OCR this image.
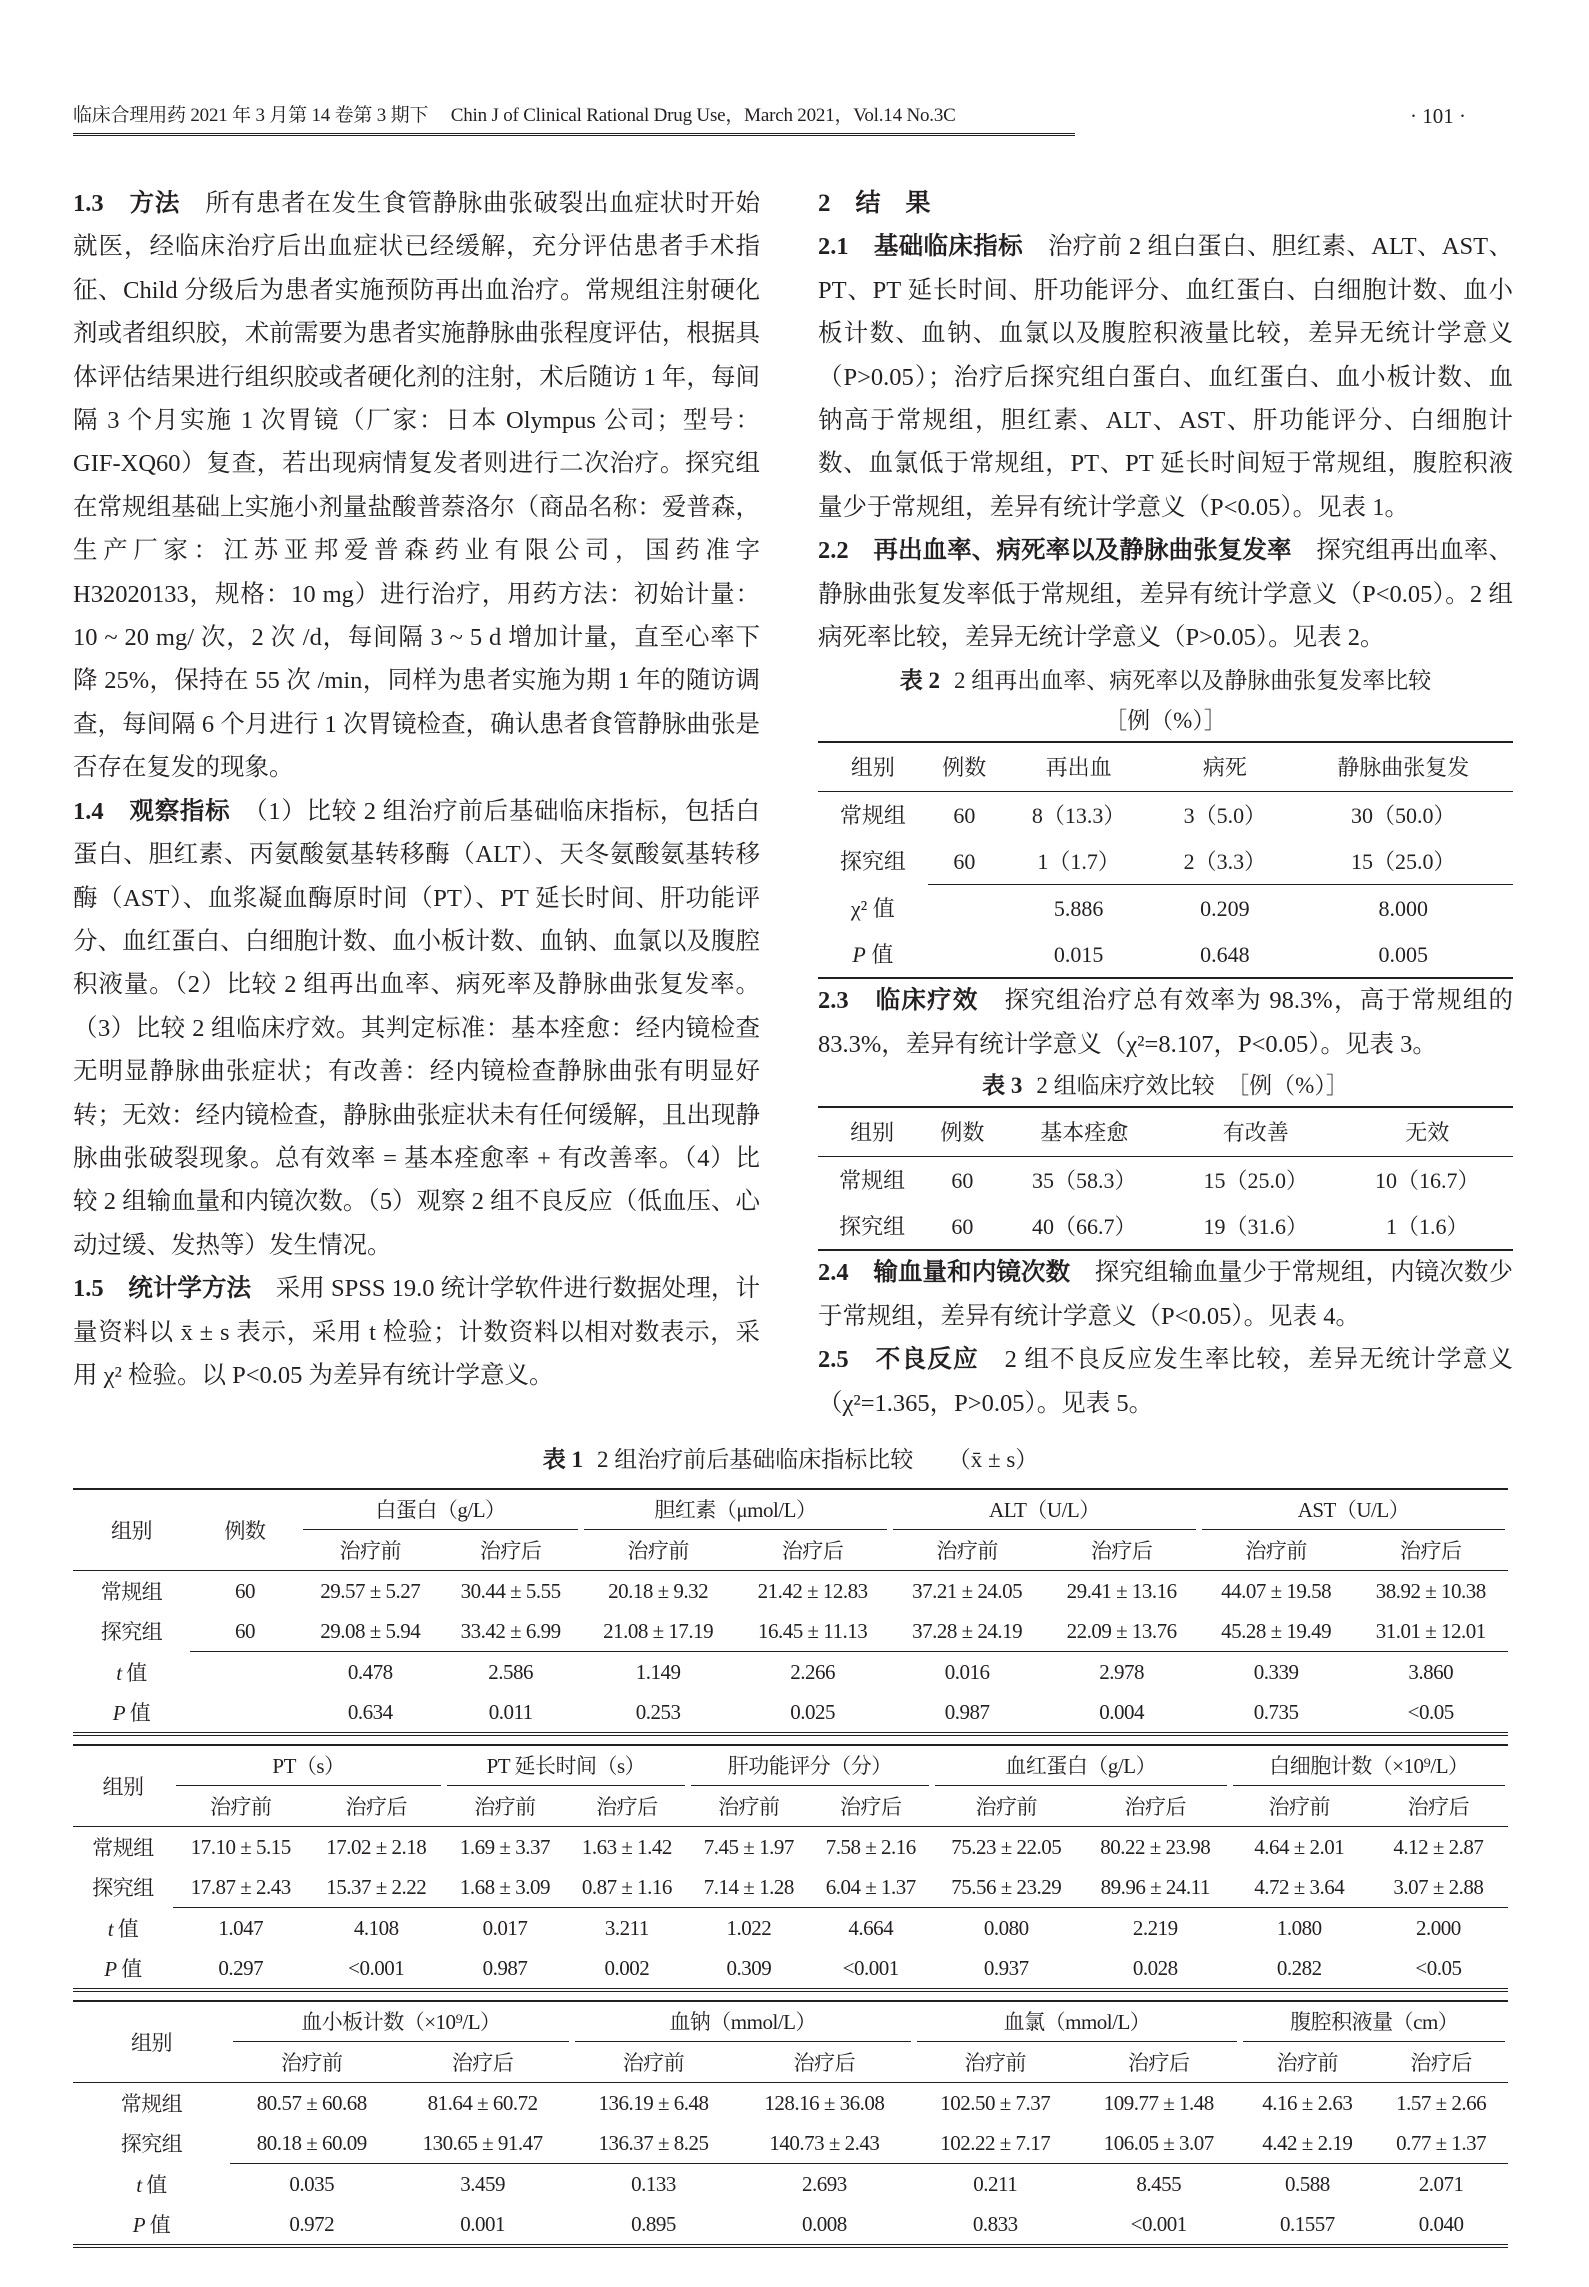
临床合理用药 2021 年 3 月第 14 卷第 3 期下 Chin J of Clinical Rational Drug Use，March 2021，Vol.14 No.3C	· 101 ·

1.3　方法　所有患者在发生食管静脉曲张破裂出血症状时开始就医，经临床治疗后出血症状已经缓解，充分评估患者手术指征、Child 分级后为患者实施预防再出血治疗。常规组注射硬化剂或者组织胶，术前需要为患者实施静脉曲张程度评估，根据具体评估结果进行组织胶或者硬化剂的注射，术后随访 1 年，每间隔 3 个月实施 1 次胃镜（厂家：日本 Olympus 公司；型号：GIF-XQ60）复查，若出现病情复发者则进行二次治疗。探究组在常规组基础上实施小剂量盐酸普萘洛尔（商品名称：爱普森，生产厂家：江苏亚邦爱普森药业有限公司，国药准字 H32020133，规格：10 mg）进行治疗，用药方法：初始计量：10 ~ 20 mg/ 次，2 次 /d，每间隔 3 ~ 5 d 增加计量，直至心率下降 25%，保持在 55 次 /min，同样为患者实施为期 1 年的随访调查，每间隔 6 个月进行 1 次胃镜检查，确认患者食管静脉曲张是否存在复发的现象。

1.4　观察指标　（1）比较 2 组治疗前后基础临床指标，包括白蛋白、胆红素、丙氨酸氨基转移酶（ALT）、天冬氨酸氨基转移酶（AST）、血浆凝血酶原时间（PT）、PT 延长时间、肝功能评分、血红蛋白、白细胞计数、血小板计数、血钠、血氯以及腹腔积液量。（2）比较 2 组再出血率、病死率及静脉曲张复发率。（3）比较 2 组临床疗效。其判定标准：基本痊愈：经内镜检查无明显静脉曲张症状；有改善：经内镜检查静脉曲张有明显好转；无效：经内镜检查，静脉曲张症状未有任何缓解，且出现静脉曲张破裂现象。总有效率 = 基本痊愈率 + 有改善率。（4）比较 2 组输血量和内镜次数。（5）观察 2 组不良反应（低血压、心动过缓、发热等）发生情况。

1.5　统计学方法　采用 SPSS 19.0 统计学软件进行数据处理，计量资料以 x̄ ± s 表示，采用 t 检验；计数资料以相对数表示，采用 χ² 检验。以 P<0.05 为差异有统计学意义。

2　结　果

2.1　基础临床指标　治疗前 2 组白蛋白、胆红素、ALT、AST、PT、PT 延长时间、肝功能评分、血红蛋白、白细胞计数、血小板计数、血钠、血氯以及腹腔积液量比较，差异无统计学意义（P>0.05）；治疗后探究组白蛋白、血红蛋白、血小板计数、血钠高于常规组，胆红素、ALT、AST、肝功能评分、白细胞计数、血氯低于常规组，PT、PT 延长时间短于常规组，腹腔积液量少于常规组，差异有统计学意义（P<0.05）。见表 1。

2.2　再出血率、病死率以及静脉曲张复发率　探究组再出血率、静脉曲张复发率低于常规组，差异有统计学意义（P<0.05）。2 组病死率比较，差异无统计学意义（P>0.05）。见表 2。

表 2 2 组再出血率、病死率以及静脉曲张复发率比较
［例（%）］
组别	例数	再出血	病死	静脉曲张复发
常规组	60	8（13.3）	3（5.0）	30（50.0）
探究组	60	1（1.7）	2（3.3）	15（25.0）
χ² 值		5.886	0.209	8.000
P 值		0.015	0.648	0.005

2.3　临床疗效　探究组治疗总有效率为 98.3%，高于常规组的 83.3%，差异有统计学意义（χ²=8.107，P<0.05）。见表 3。

表 3 2 组临床疗效比较　 ［例（%）］
组别	例数	基本痊愈	有改善	无效
常规组	60	35（58.3）	15（25.0）	10（16.7）
探究组	60	40（66.7）	19（31.6）	1（1.6）

2.4　输血量和内镜次数　探究组输血量少于常规组，内镜次数少于常规组，差异有统计学意义（P<0.05）。见表 4。

2.5　不良反应　2 组不良反应发生率比较，差异无统计学意义（χ²=1.365，P>0.05）。见表 5。

表 1 2 组治疗前后基础临床指标比较　　 （x̄ ± s）
组别	例数	白蛋白（g/L）		胆红素（μmol/L）		ALT（U/L）		AST（U/L）	

		治疗前	治疗后	治疗前	治疗后	治疗前	治疗后	治疗前	治疗后
常规组	60	29.57 ± 5.27	30.44 ± 5.55	20.18 ± 9.32	21.42 ± 12.83	37.21 ± 24.05	29.41 ± 13.16	44.07 ± 19.58	38.92 ± 10.38
探究组	60	29.08 ± 5.94	33.42 ± 6.99	21.08 ± 17.19	16.45 ± 11.13	37.28 ± 24.19	22.09 ± 13.76	45.28 ± 19.49	31.01 ± 12.01
t 值		0.478	2.586	1.149	2.266	0.016	2.978	0.339	3.860
P 值		0.634	0.011	0.253	0.025	0.987	0.004	0.735	<0.05
组别	PT（s）		PT 延长时间（s）		肝功能评分（分）		血红蛋白（g/L）		白细胞计数（×10⁹/L）	

	治疗前	治疗后	治疗前	治疗后	治疗前	治疗后	治疗前	治疗后	治疗前	治疗后
常规组	17.10 ± 5.15	17.02 ± 2.18	1.69 ± 3.37	1.63 ± 1.42	7.45 ± 1.97	7.58 ± 2.16	75.23 ± 22.05	80.22 ± 23.98	4.64 ± 2.01	4.12 ± 2.87
探究组	17.87 ± 2.43	15.37 ± 2.22	1.68 ± 3.09	0.87 ± 1.16	7.14 ± 1.28	6.04 ± 1.37	75.56 ± 23.29	89.96 ± 24.11	4.72 ± 3.64	3.07 ± 2.88
t 值	1.047	4.108	0.017	3.211	1.022	4.664	0.080	2.219	1.080	2.000
P 值	0.297	<0.001	0.987	0.002	0.309	<0.001	0.937	0.028	0.282	<0.05
组别	血小板计数（×10⁹/L）		血钠（mmol/L）		血氯（mmol/L）		腹腔积液量（cm）	

	治疗前	治疗后	治疗前	治疗后	治疗前	治疗后	治疗前	治疗后
常规组	80.57 ± 60.68	81.64 ± 60.72	136.19 ± 6.48	128.16 ± 36.08	102.50 ± 7.37	109.77 ± 1.48	4.16 ± 2.63	1.57 ± 2.66
探究组	80.18 ± 60.09	130.65 ± 91.47	136.37 ± 8.25	140.73 ± 2.43	102.22 ± 7.17	106.05 ± 3.07	4.42 ± 2.19	0.77 ± 1.37
t 值	0.035	3.459	0.133	2.693	0.211	8.455	0.588	2.071
P 值	0.972	0.001	0.895	0.008	0.833	<0.001	0.1557	0.040
